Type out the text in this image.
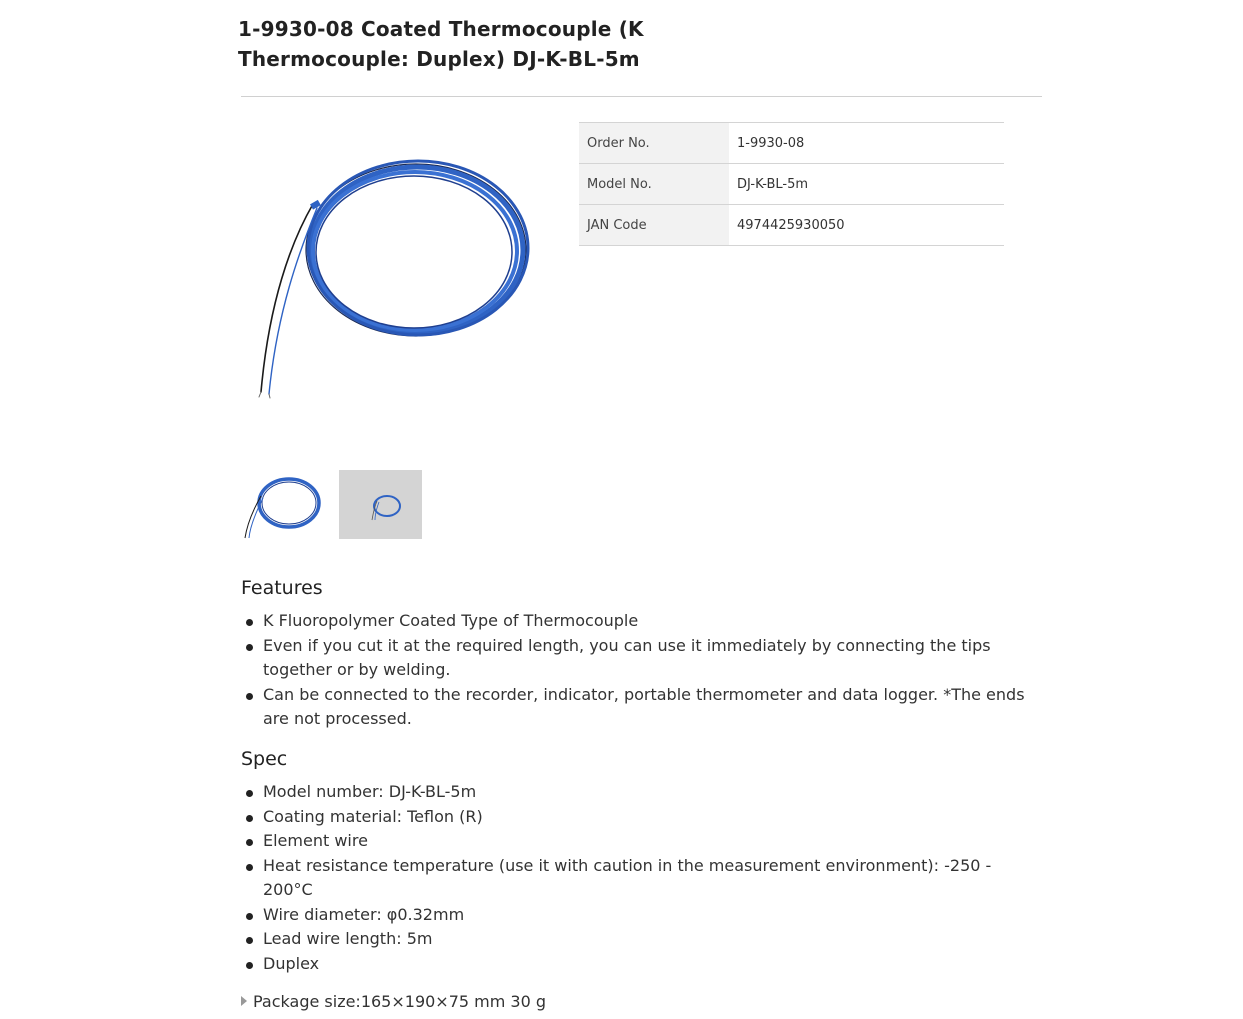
1-9930-08 Coated Thermocouple (K
Thermocouple: Duplex) DJ-K-BL-5m
Order No.	1-9930-08
Model No.	DJ-K-BL-5m
JAN Code	4974425930050
Features
K Fluoropolymer Coated Type of Thermocouple
Even if you cut it at the required length, you can use it immediately by connecting the tips together or by welding.
Can be connected to the recorder, indicator, portable thermometer and data logger. *The ends are not processed.
Spec
Model number: DJ-K-BL-5m
Coating material: Teflon (R)
Element wire
Heat resistance temperature (use it with caution in the measurement environment): -250 - 200°C
Wire diameter: φ0.32mm
Lead wire length: 5m
Duplex
Package size:165×190×75 mm 30 g
